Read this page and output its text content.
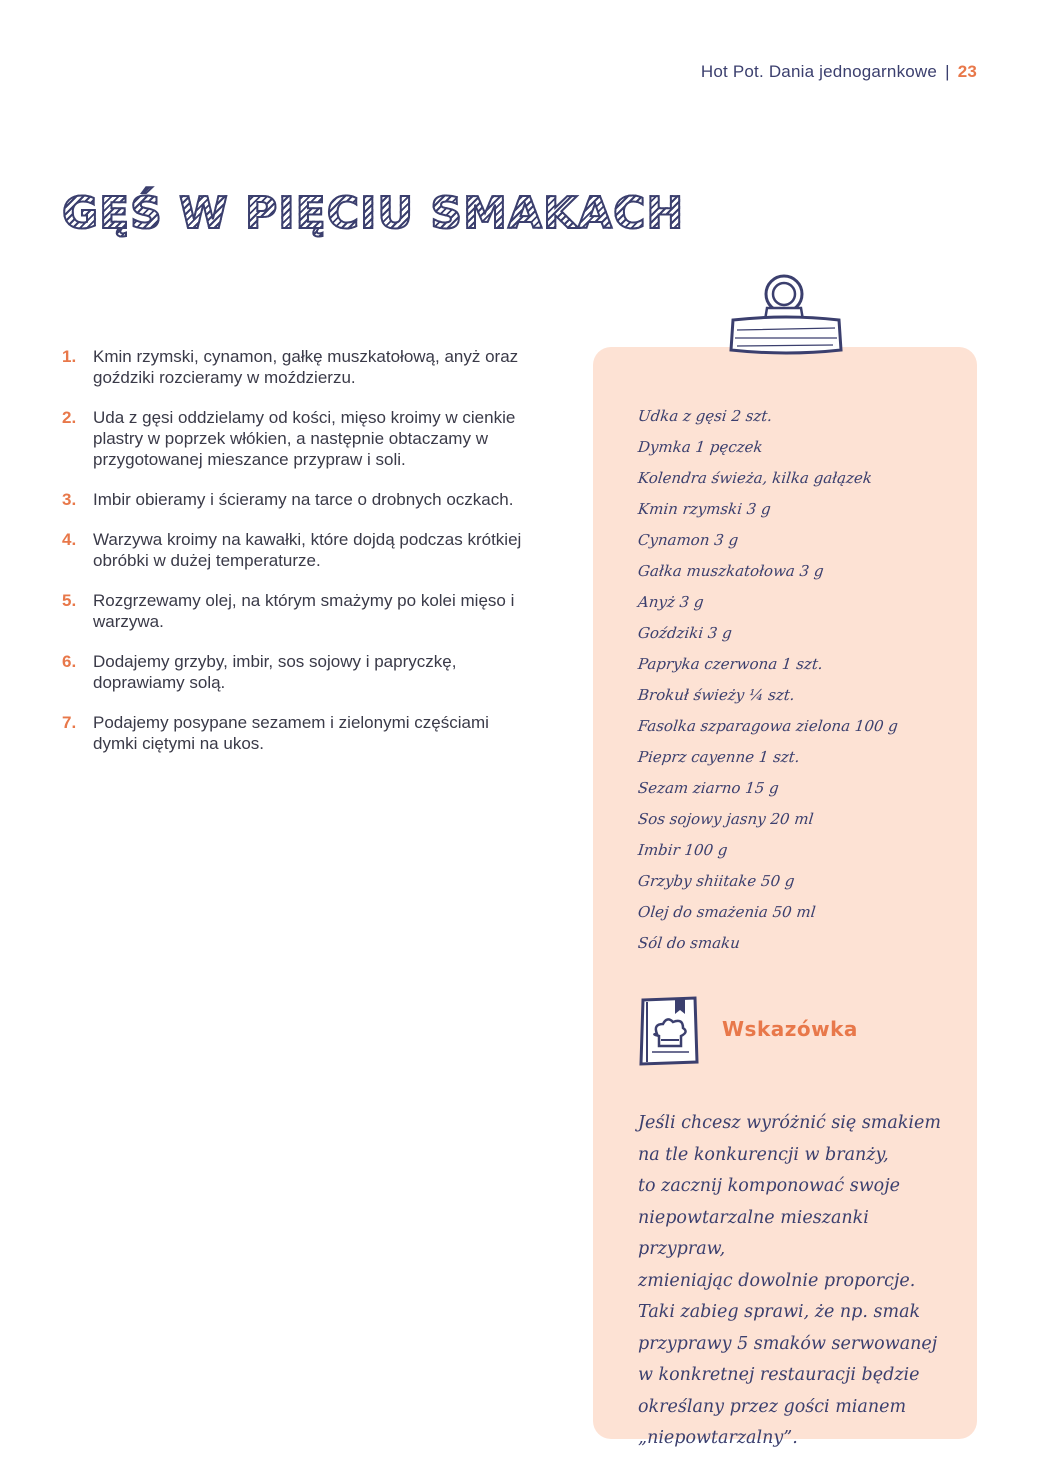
Hot Pot. Dania jednogarnkowe | 23
GĘŚ W PIĘCIU SMAKACH
1. Kmin rzymski, cynamon, gałkę muszkatołową, anyż oraz goździki rozcieramy w moździerzu.
2. Uda z gęsi oddzielamy od kości, mięso kroimy w cienkie plastry w poprzek włókien, a następnie obtaczamy w przygotowanej mieszance przypraw i soli.
3. Imbir obieramy i ścieramy na tarce o drobnych oczkach.
4. Warzywa kroimy na kawałki, które dojdą podczas krótkiej obróbki w dużej temperaturze.
5. Rozgrzewamy olej, na którym smażymy po kolei mięso i warzywa.
6. Dodajemy grzyby, imbir, sos sojowy i papryczkę, doprawiamy solą.
7. Podajemy posypane sezamem i zielonymi częściami dymki ciętymi na ukos.
Udka z gęsi 2 szt.
Dymka 1 pęczek
Kolendra świeża, kilka gałązek
Kmin rzymski 3 g
Cynamon 3 g
Gałka muszkatołowa 3 g
Anyż 3 g
Goździki 3 g
Papryka czerwona 1 szt.
Brokuł świeży ¼ szt.
Fasolka szparagowa zielona 100 g
Pieprz cayenne 1 szt.
Sezam ziarno 15 g
Sos sojowy jasny 20 ml
Imbir 100 g
Grzyby shiitake 50 g
Olej do smażenia 50 ml
Sól do smaku
Wskazówka
Jeśli chcesz wyróżnić się smakiem
na tle konkurencji w branży,
to zacznij komponować swoje
niepowtarzalne mieszanki przypraw,
zmieniając dowolnie proporcje.
Taki zabieg sprawi, że np. smak
przyprawy 5 smaków serwowanej
w konkretnej restauracji będzie
określany przez gości mianem
„niepowtarzalny”.
